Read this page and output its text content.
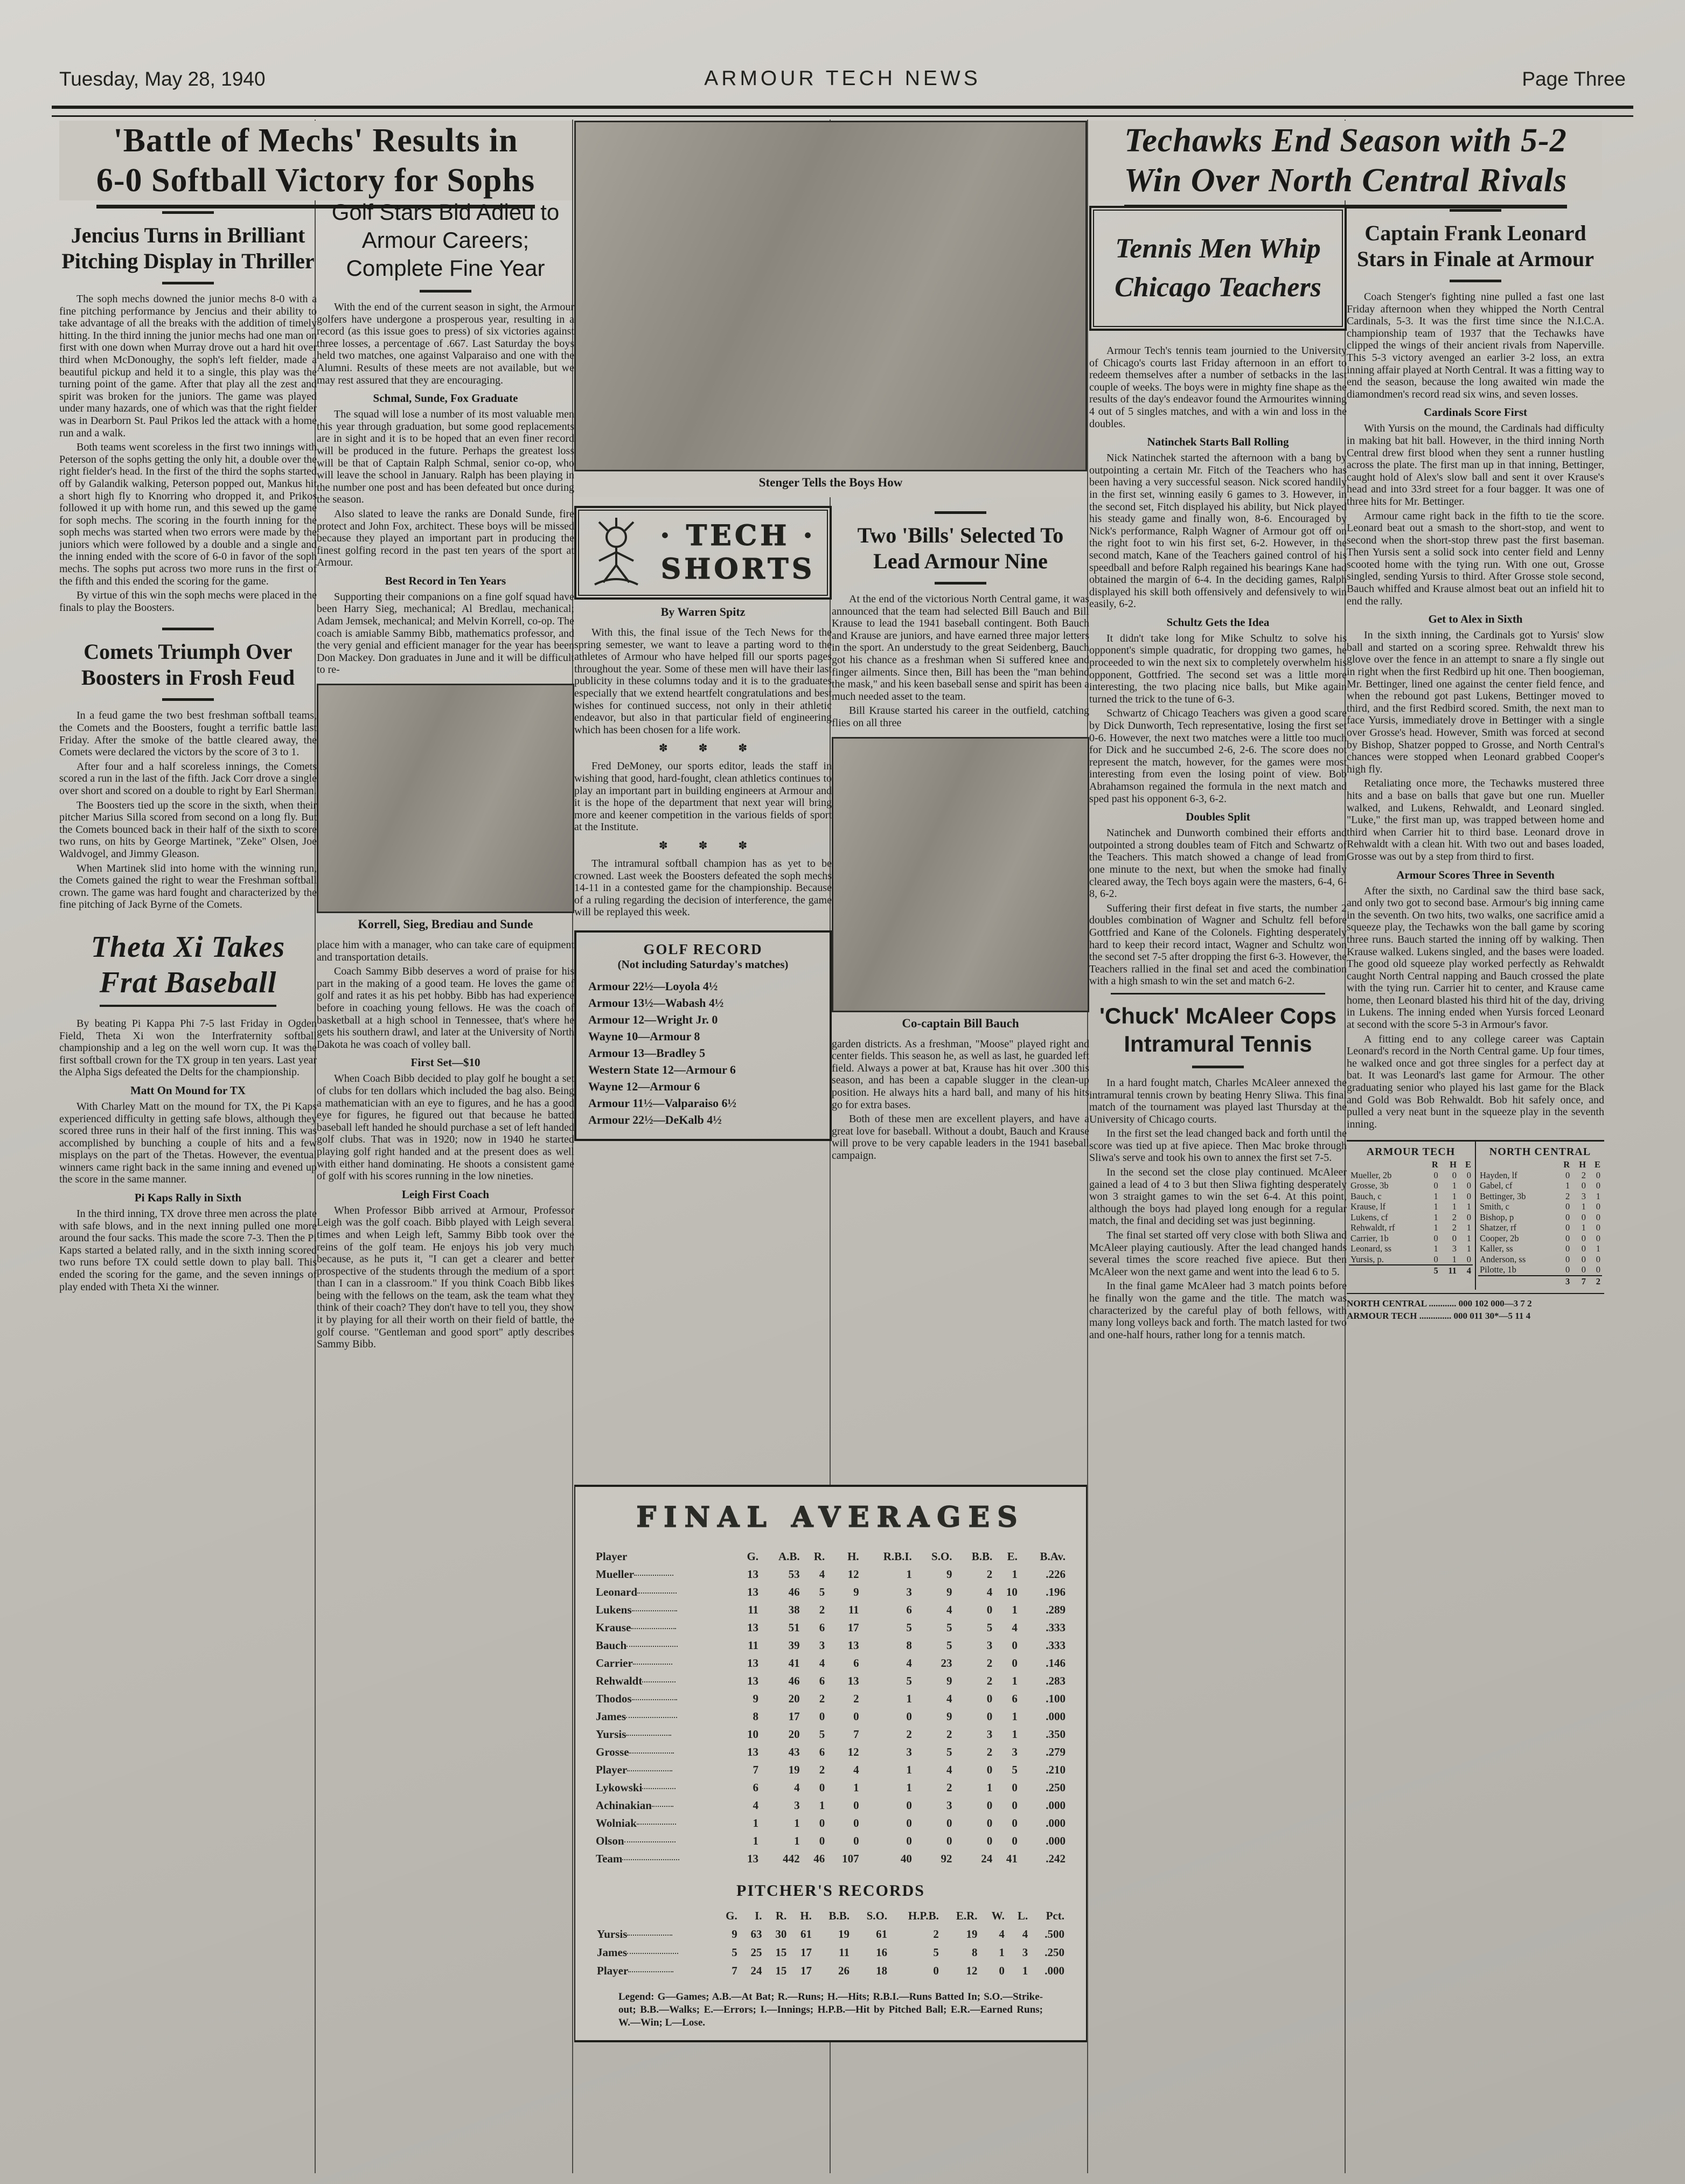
Tuesday, May 28, 1940	ARMOUR TECH NEWS	Page Three
'Battle of Mechs' Results in
6-0 Softball Victory for Sophs
Stenger Tells the Boys How
Techawks End Season with 5-2
Win Over North Central Rivals
Jencius Turns in Brilliant Pitching Display in Thriller

The soph mechs downed the junior mechs 8-0 with a fine pitching performance by Jencius and their ability to take advantage of all the breaks with the addition of timely hitting. In the third inning the junior mechs had one man on first with one down when Murray drove out a hard hit over third when McDonoughy, the soph's left fielder, made a beautiful pickup and held it to a single, this play was the turning point of the game. After that play all the zest and spirit was broken for the juniors. The game was played under many hazards, one of which was that the right fielder was in Dearborn St. Paul Prikos led the attack with a home run and a walk.

Both teams went scoreless in the first two innings with Peterson of the sophs getting the only hit, a double over the right fielder's head. In the first of the third the sophs started off by Galandik walking, Peterson popped out, Mankus hit a short high fly to Knorring who dropped it, and Prikos followed it up with home run, and this sewed up the game for soph mechs. The scoring in the fourth inning for the soph mechs was started when two errors were made by the juniors which were followed by a double and a single and the inning ended with the score of 6-0 in favor of the soph mechs. The sophs put across two more runs in the first of the fifth and this ended the scoring for the game.

By virtue of this win the soph mechs were placed in the finals to play the Boosters.

Comets Triumph Over Boosters in Frosh Feud

In a feud game the two best freshman softball teams, the Comets and the Boosters, fought a terrific battle last Friday. After the smoke of the battle cleared away, the Comets were declared the victors by the score of 3 to 1.

After four and a half scoreless innings, the Comets scored a run in the last of the fifth. Jack Corr drove a single over short and scored on a double to right by Earl Sherman.

The Boosters tied up the score in the sixth, when their pitcher Marius Silla scored from second on a long fly. But the Comets bounced back in their half of the sixth to score two runs, on hits by George Martinek, "Zeke" Olsen, Joe Waldvogel, and Jimmy Gleason.

When Martinek slid into home with the winning run, the Comets gained the right to wear the Freshman softball crown. The game was hard fought and characterized by the fine pitching of Jack Byrne of the Comets.

Theta Xi Takes
Frat Baseball

By beating Pi Kappa Phi 7-5 last Friday in Ogden Field, Theta Xi won the Interfraternity softball championship and a leg on the well worn cup. It was the first softball crown for the TX group in ten years. Last year the Alpha Sigs defeated the Delts for the championship.

Matt On Mound for TX

With Charley Matt on the mound for TX, the Pi Kaps experienced difficulty in getting safe blows, although they scored three runs in their half of the first inning. This was accomplished by bunching a couple of hits and a few misplays on the part of the Thetas. However, the eventual winners came right back in the same inning and evened up the score in the same manner.

Pi Kaps Rally in Sixth

In the third inning, TX drove three men across the plate with safe blows, and in the next inning pulled one more around the four sacks. This made the score 7-3. Then the Pi Kaps started a belated rally, and in the sixth inning scored two runs before TX could settle down to play ball. This ended the scoring for the game, and the seven innings of play ended with Theta Xi the winner.

Golf Stars Bid Adieu to Armour Careers; Complete Fine Year

With the end of the current season in sight, the Armour golfers have undergone a prosperous year, resulting in a record (as this issue goes to press) of six victories against three losses, a percentage of .667. Last Saturday the boys held two matches, one against Valparaiso and one with the Alumni. Results of these meets are not available, but we may rest assured that they are encouraging.

Schmal, Sunde, Fox Graduate

The squad will lose a number of its most valuable men this year through graduation, but some good replacements are in sight and it is to be hoped that an even finer record will be produced in the future. Perhaps the greatest loss will be that of Captain Ralph Schmal, senior co-op, who will leave the school in January. Ralph has been playing in the number one post and has been defeated but once during the season.

Also slated to leave the ranks are Donald Sunde, fire protect and John Fox, architect. These boys will be missed because they played an important part in producing the finest golfing record in the past ten years of the sport at Armour.

Best Record in Ten Years

Supporting their companions on a fine golf squad have been Harry Sieg, mechanical; Al Bredlau, mechanical; Adam Jemsek, mechanical; and Melvin Korrell, co-op. The coach is amiable Sammy Bibb, mathematics professor, and the very genial and efficient manager for the year has been Don Mackey. Don graduates in June and it will be difficult to re-

Korrell, Sieg, Brediau and Sunde

place him with a manager, who can take care of equipment and transportation details.

Coach Sammy Bibb deserves a word of praise for his part in the making of a good team. He loves the game of golf and rates it as his pet hobby. Bibb has had experience before in coaching young fellows. He was the coach of basketball at a high school in Tennessee, that's where he gets his southern drawl, and later at the University of North Dakota he was coach of volley ball.

First Set—$10

When Coach Bibb decided to play golf he bought a set of clubs for ten dollars which included the bag also. Being a mathematician with an eye to figures, and he has a good eye for figures, he figured out that because he batted baseball left handed he should purchase a set of left handed golf clubs. That was in 1920; now in 1940 he started playing golf right handed and at the present does as well with either hand dominating. He shoots a consistent game of golf with his scores running in the low nineties.

Leigh First Coach

When Professor Bibb arrived at Armour, Professor Leigh was the golf coach. Bibb played with Leigh several times and when Leigh left, Sammy Bibb took over the reins of the golf team. He enjoys his job very much because, as he puts it, "I can get a clearer and better prospective of the students through the medium of a sport than I can in a classroom." If you think Coach Bibb likes being with the fellows on the team, ask the team what they think of their coach? They don't have to tell you, they show it by playing for all their worth on their field of battle, the golf course. "Gentleman and good sport" aptly describes Sammy Bibb.

· TECH · SHORTS
By Warren Spitz

With this, the final issue of the Tech News for the spring semester, we want to leave a parting word to the athletes of Armour who have helped fill our sports pages throughout the year. Some of these men will have their last publicity in these columns today and it is to the graduates especially that we extend heartfelt congratulations and best wishes for continued success, not only in their athletic endeavor, but also in that particular field of engineering which has been chosen for a life work.

✽ ✽ ✽

Fred DeMoney, our sports editor, leads the staff in wishing that good, hard-fought, clean athletics continues to play an important part in building engineers at Armour and it is the hope of the department that next year will bring more and keener competition in the various fields of sport at the Institute.

✽ ✽ ✽

The intramural softball champion has as yet to be crowned. Last week the Boosters defeated the soph mechs 14-11 in a contested game for the championship. Because of a ruling regarding the decision of interference, the game will be replayed this week.

GOLF RECORD
(Not including Saturday's matches)
Armour 22½—Loyola 4½
Armour 13½—Wabash 4½
Armour 12—Wright Jr. 0
Wayne 10—Armour 8
Armour 13—Bradley 5
Western State 12—Armour 6
Wayne 12—Armour 6
Armour 11½—Valparaiso 6½
Armour 22½—DeKalb 4½
Two 'Bills' Selected To Lead Armour Nine

At the end of the victorious North Central game, it was announced that the team had selected Bill Bauch and Bill Krause to lead the 1941 baseball contingent. Both Bauch and Krause are juniors, and have earned three major letters in the sport. An understudy to the great Seidenberg, Bauch got his chance as a freshman when Si suffered knee and finger ailments. Since then, Bill has been the "man behind the mask," and his keen baseball sense and spirit has been a much needed asset to the team.

Bill Krause started his career in the outfield, catching flies on all three

Co-captain Bill Bauch

garden districts. As a freshman, "Moose" played right and center fields. This season he, as well as last, he guarded left field. Always a power at bat, Krause has hit over .300 this season, and has been a capable slugger in the clean-up position. He always hits a hard ball, and many of his hits go for extra bases.

Both of these men are excellent players, and have a great love for baseball. Without a doubt, Bauch and Krause will prove to be very capable leaders in the 1941 baseball campaign.

FINAL AVERAGES
Player	G.	A.B.	R.	H.	R.B.I.	S.O.	B.B.	E.	B.Av.
Mueller	13	53	4	12	1	9	2	1	.226
Leonard	13	46	5	9	3	9	4	10	.196
Lukens	11	38	2	11	6	4	0	1	.289
Krause	13	51	6	17	5	5	5	4	.333
Bauch	11	39	3	13	8	5	3	0	.333
Carrier	13	41	4	6	4	23	2	0	.146
Rehwaldt	13	46	6	13	5	9	2	1	.283
Thodos	9	20	2	2	1	4	0	6	.100
James	8	17	0	0	0	9	0	1	.000
Yursis	10	20	5	7	2	2	3	1	.350
Grosse	13	43	6	12	3	5	2	3	.279
Player	7	19	2	4	1	4	0	5	.210
Lykowski	6	4	0	1	1	2	1	0	.250
Achinakian	4	3	1	0	0	3	0	0	.000
Wolniak	1	1	0	0	0	0	0	0	.000
Olson	1	1	0	0	0	0	0	0	.000
Team	13	442	46	107	40	92	24	41	.242
PITCHER'S RECORDS
	G.	I.	R.	H.	B.B.	S.O.	H.P.B.	E.R.	W.	L.	Pct.
Yursis	9	63	30	61	19	61	2	19	4	4	.500
James	5	25	15	17	11	16	5	8	1	3	.250
Player	7	24	15	17	26	18	0	12	0	1	.000
Legend: G—Games; A.B.—At Bat; R.—Runs; H.—Hits; R.B.I.—Runs Batted In; S.O.—Strike-out; B.B.—Walks; E.—Errors; I.—Innings; H.P.B.—Hit by Pitched Ball; E.R.—Earned Runs; W.—Win; L—Lose.
Tennis Men Whip
Chicago Teachers

Armour Tech's tennis team journied to the University of Chicago's courts last Friday afternoon in an effort to redeem themselves after a number of setbacks in the last couple of weeks. The boys were in mighty fine shape as the results of the day's endeavor found the Armourites winning 4 out of 5 singles matches, and with a win and loss in the doubles.

Natinchek Starts Ball Rolling

Nick Natinchek started the afternoon with a bang by outpointing a certain Mr. Fitch of the Teachers who has been having a very successful season. Nick scored handily in the first set, winning easily 6 games to 3. However, in the second set, Fitch displayed his ability, but Nick played his steady game and finally won, 8-6. Encouraged by Nick's performance, Ralph Wagner of Armour got off on the right foot to win his first set, 6-2. However, in the second match, Kane of the Teachers gained control of his speedball and before Ralph regained his bearings Kane had obtained the margin of 6-4. In the deciding games, Ralph displayed his skill both offensively and defensively to win easily, 6-2.

Schultz Gets the Idea

It didn't take long for Mike Schultz to solve his opponent's simple quadratic, for dropping two games, he proceeded to win the next six to completely overwhelm his opponent, Gottfried. The second set was a little more interesting, the two placing nice balls, but Mike again turned the trick to the tune of 6-3.

Schwartz of Chicago Teachers was given a good scare by Dick Dunworth, Tech representative, losing the first set 0-6. However, the next two matches were a little too much for Dick and he succumbed 2-6, 2-6. The score does not represent the match, however, for the games were most interesting from even the losing point of view. Bob Abrahamson regained the formula in the next match and sped past his opponent 6-3, 6-2.

Doubles Split

Natinchek and Dunworth combined their efforts and outpointed a strong doubles team of Fitch and Schwartz of the Teachers. This match showed a change of lead from one minute to the next, but when the smoke had finally cleared away, the Tech boys again were the masters, 6-4, 6-8, 6-2.

Suffering their first defeat in five starts, the number 2 doubles combination of Wagner and Schultz fell before Gottfried and Kane of the Colonels. Fighting desperately hard to keep their record intact, Wagner and Schultz won the second set 7-5 after dropping the first 6-3. However, the Teachers rallied in the final set and aced the combination with a high smash to win the set and match 6-2.

'Chuck' McAleer Cops Intramural Tennis

In a hard fought match, Charles McAleer annexed the intramural tennis crown by beating Henry Sliwa. This final match of the tournament was played last Thursday at the University of Chicago courts.

In the first set the lead changed back and forth until the score was tied up at five apiece. Then Mac broke through Sliwa's serve and took his own to annex the first set 7-5.

In the second set the close play continued. McAleer gained a lead of 4 to 3 but then Sliwa fighting desperately won 3 straight games to win the set 6-4. At this point, although the boys had played long enough for a regular match, the final and deciding set was just beginning.

The final set started off very close with both Sliwa and McAleer playing cautiously. After the lead changed hands several times the score reached five apiece. But then McAleer won the next game and went into the lead 6 to 5.

In the final game McAleer had 3 match points before he finally won the game and the title. The match was characterized by the careful play of both fellows, with many long volleys back and forth. The match lasted for two and one-half hours, rather long for a tennis match.

Captain Frank Leonard Stars in Finale at Armour

Coach Stenger's fighting nine pulled a fast one last Friday afternoon when they whipped the North Central Cardinals, 5-3. It was the first time since the N.I.C.A. championship team of 1937 that the Techawks have clipped the wings of their ancient rivals from Naperville. This 5-3 victory avenged an earlier 3-2 loss, an extra inning affair played at North Central. It was a fitting way to end the season, because the long awaited win made the diamondmen's record read six wins, and seven losses.

Cardinals Score First

With Yursis on the mound, the Cardinals had difficulty in making bat hit ball. However, in the third inning North Central drew first blood when they sent a runner hustling across the plate. The first man up in that inning, Bettinger, caught hold of Alex's slow ball and sent it over Krause's head and into 33rd street for a four bagger. It was one of three hits for Mr. Bettinger.

Armour came right back in the fifth to tie the score. Leonard beat out a smash to the short-stop, and went to second when the short-stop threw past the first baseman. Then Yursis sent a solid sock into center field and Lenny scooted home with the tying run. With one out, Grosse singled, sending Yursis to third. After Grosse stole second, Bauch whiffed and Krause almost beat out an infield hit to end the rally.

Get to Alex in Sixth

In the sixth inning, the Cardinals got to Yursis' slow ball and started on a scoring spree. Rehwaldt threw his glove over the fence in an attempt to snare a fly single out in right when the first Redbird up hit one. Then boogieman, Mr. Bettinger, lined one against the center field fence, and when the rebound got past Lukens, Bettinger moved to third, and the first Redbird scored. Smith, the next man to face Yursis, immediately drove in Bettinger with a single over Grosse's head. However, Smith was forced at second by Bishop, Shatzer popped to Grosse, and North Central's chances were stopped when Leonard grabbed Cooper's high fly.

Retaliating once more, the Techawks mustered three hits and a base on balls that gave but one run. Mueller walked, and Lukens, Rehwaldt, and Leonard singled. "Luke," the first man up, was trapped between home and third when Carrier hit to third base. Leonard drove in Rehwaldt with a clean hit. With two out and bases loaded, Grosse was out by a step from third to first.

Armour Scores Three in Seventh

After the sixth, no Cardinal saw the third base sack, and only two got to second base. Armour's big inning came in the seventh. On two hits, two walks, one sacrifice amid a squeeze play, the Techawks won the ball game by scoring three runs. Bauch started the inning off by walking. Then Krause walked. Lukens singled, and the bases were loaded. The good old squeeze play worked perfectly as Rehwaldt caught North Central napping and Bauch crossed the plate with the tying run. Carrier hit to center, and Krause came home, then Leonard blasted his third hit of the day, driving in Lukens. The inning ended when Yursis forced Leonard at second with the score 5-3 in Armour's favor.

A fitting end to any college career was Captain Leonard's record in the North Central game. Up four times, he walked once and got three singles for a perfect day at bat. It was Leonard's last game for Armour. The other graduating senior who played his last game for the Black and Gold was Bob Rehwaldt. Bob hit safely once, and pulled a very neat bunt in the squeeze play in the seventh inning.

ARMOUR TECH
	R	H	E
Mueller, 2b	0	0	0
Grosse, 3b	0	1	0
Bauch, c	1	1	0
Krause, lf	1	1	1
Lukens, cf	1	2	0
Rehwaldt, rf	1	2	1
Carrier, 1b	0	0	1
Leonard, ss	1	3	1
Yursis, p.	0	1	0
	5	11	4
NORTH CENTRAL
	R	H	E
Hayden, lf	0	2	0
Gabel, cf	1	0	0
Bettinger, 3b	2	3	1
Smith, c	0	1	0
Bishop, p	0	0	0
Shatzer, rf	0	1	0
Cooper, 2b	0	0	0
Kaller, ss	0	0	1
Anderson, ss	0	0	0
Pilotte, 1b	0	0	0
	3	7	2
NORTH CENTRAL ............ 000 102 000—3 7 2
ARMOUR TECH .............. 000 011 30*—5 11 4
